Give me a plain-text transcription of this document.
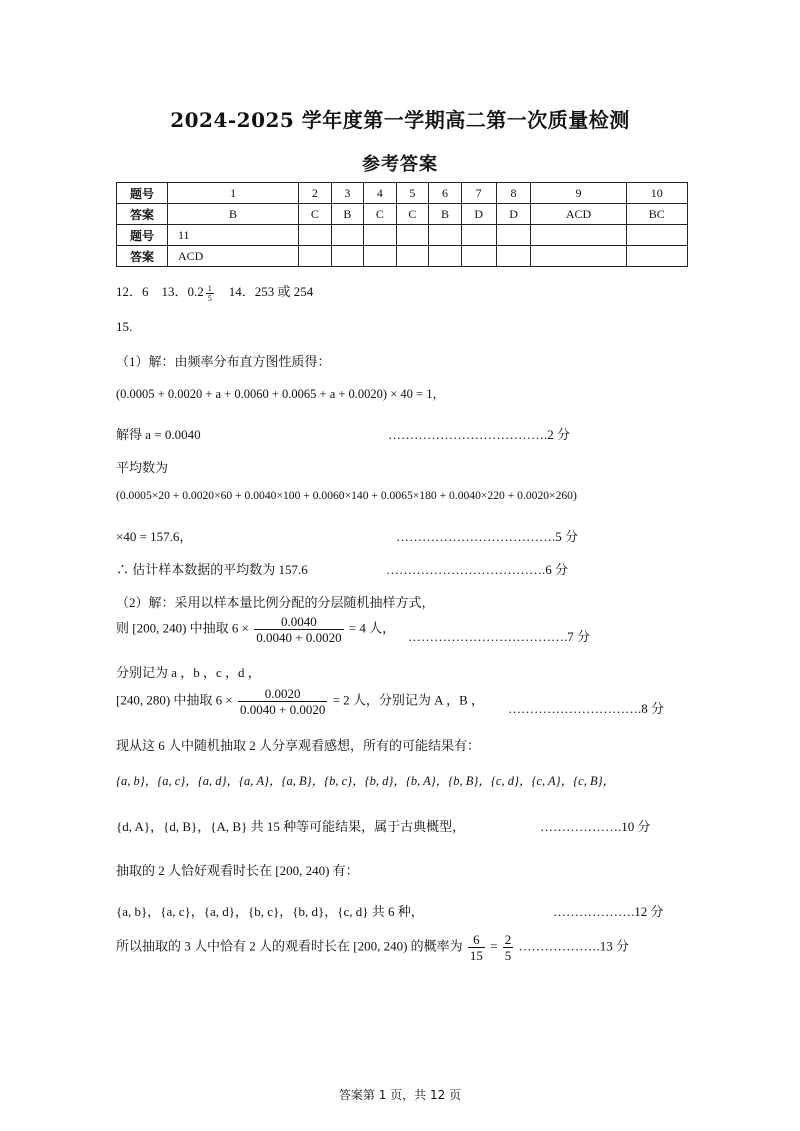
2024-2025 学年度第一学期高二第一次质量检测
参考答案
题号	1	2	3	4	5	6	7	8	9	10
答案	B	C	B	C	C	B	D	D	ACD	BC
题号	11									
答案	ACD									
12．6 13．$0.2 \frac{1}{5} 14$．253 或 254
15.
（1）解：由频率分布直方图性质得：
(0.0005 + 0.0020 + a + 0.0060 + 0.0065 + a + 0.0020) × 40 = 1，
解得 a = 0.0040	……………………………….2 分
平均数为
(0.0005×20 + 0.0020×60 + 0.0040×100 + 0.0060×140 + 0.0065×180 + 0.0040×220 + 0.0020×260)
×40 = 157.6，	……………………………….5 分
∴ 估计样本数据的平均数为 157.6	……………………………….6 分
（2）解：采用以样本量比例分配的分层随机抽样方式，
则 [200, 240) 中抽取 $6 \times \frac{0.0040}{0.0040 + 0.0020} = 4$ 人，
……………………………….7 分
分别记为 a ，b ，c ，d ，
[240, 280) 中抽取 $6 \times \frac{0.0020}{0.0040 + 0.0020} = 2$ 人，分别记为 A ，B ，
………………………….8 分
现从这 6 人中随机抽取 2 人分享观看感想，所有的可能结果有：
{a, b}，{a, c}，{a, d}，{a, A}，{a, B}，{b, c}，{b, d}，{b, A}，{b, B}，{c, d}，{c, A}，{c, B}，
{d, A}，{d, B}，{A, B} 共 15 种等可能结果，属于古典概型，	……………….10 分
抽取的 2 人恰好观看时长在 [200, 240) 有：
{a, b}，{a, c}，{a, d}，{b, c}，{b, d}，{c, d} 共 6 种，	……………….12 分
所以抽取的 3 人中恰有 2 人的观看时长在 [200, 240) 的概率为 $\frac{6}{15} = \frac{2}{5}$ ……………….13 分
答案第 1 页，共 12 页
